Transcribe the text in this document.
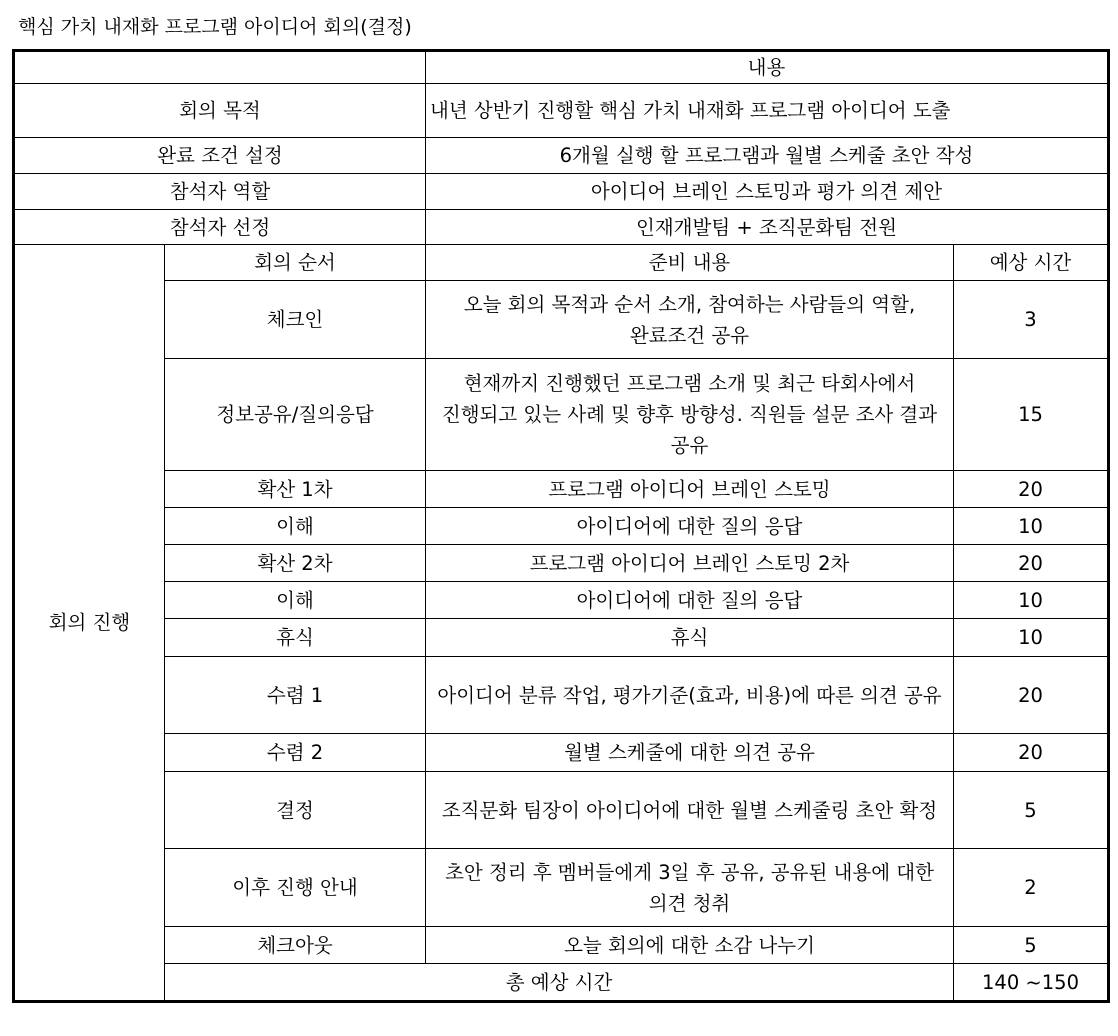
핵심 가치 내재화 프로그램 아이디어 회의(결정)
		내용	
회의 목적		내년 상반기 진행할 핵심 가치 내재화 프로그램 아이디어 도출	
완료 조건 설정		6개월 실행 할 프로그램과 월별 스케줄 초안 작성	
참석자 역할		아이디어 브레인 스토밍과 평가 의견 제안	
참석자 선정		인재개발팀 + 조직문화팀 전원	
회의 진행	회의 순서	준비 내용	예상 시간
	체크인	오늘 회의 목적과 순서 소개, 참여하는 사람들의 역할, 완료조건 공유	3
	정보공유/질의응답	현재까지 진행했던 프로그램 소개 및 최근 타회사에서 진행되고 있는 사례 및 향후 방향성. 직원들 설문 조사 결과 공유	15
	확산 1차	프로그램 아이디어 브레인 스토밍	20
	이해	아이디어에 대한 질의 응답	10
	확산 2차	프로그램 아이디어 브레인 스토밍 2차	20
	이해	아이디어에 대한 질의 응답	10
	휴식	휴식	10
	수렴 1	아이디어 분류 작업, 평가기준(효과, 비용)에 따른 의견 공유	20
	수렴 2	월별 스케줄에 대한 의견 공유	20
	결정	조직문화 팀장이 아이디어에 대한 월별 스케줄링 초안 확정	5
	이후 진행 안내	초안 정리 후 멤버들에게 3일 후 공유, 공유된 내용에 대한 의견 청취	2
	체크아웃	오늘 회의에 대한 소감 나누기	5
	총 예상 시간		140 ~150
